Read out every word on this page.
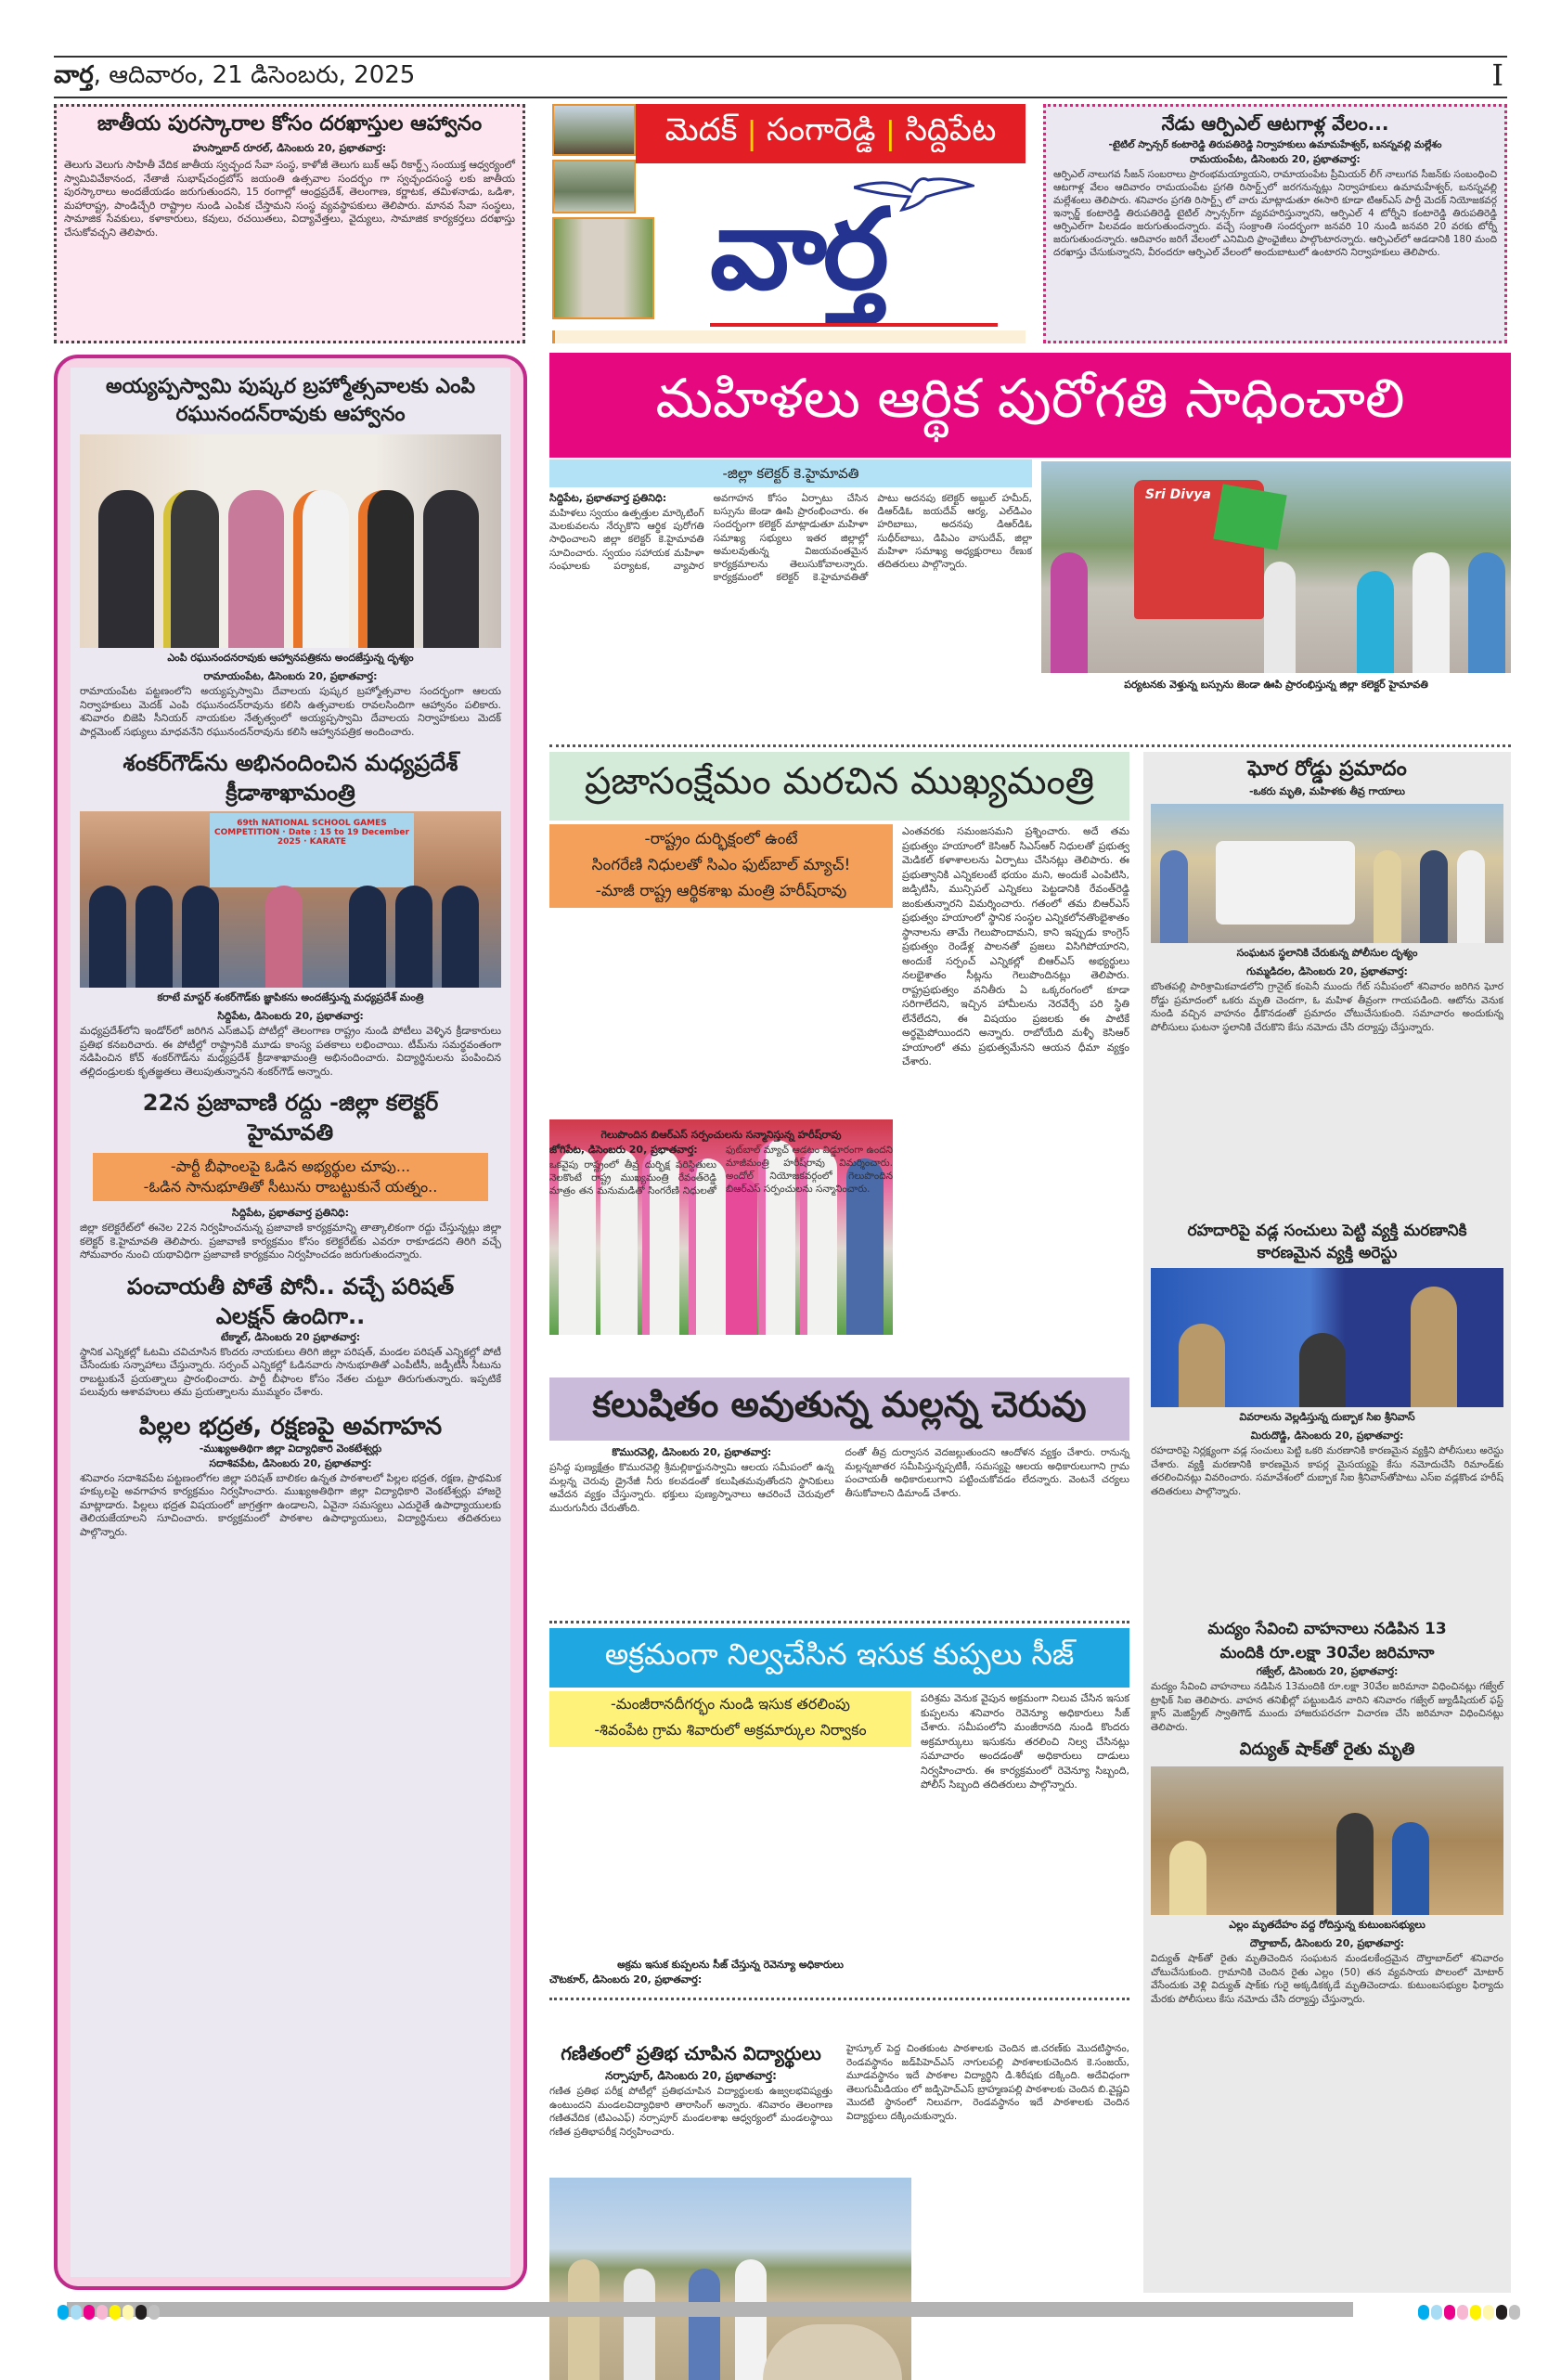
వార్త, ఆదివారం, 21 డిసెంబరు, 2025	I
జాతీయ పురస్కారాల కోసం దరఖాస్తుల ఆహ్వానం
హుస్నాబాద్ రూరల్, డిసెంబరు 20, ప్రభాతవార్త:
తెలుగు వెలుగు సాహితీ వేదిక జాతీయ స్వచ్ఛంద సేవా సంస్థ, కాళోజీ తెలుగు బుక్ ఆఫ్ రికార్డ్స్ సంయుక్త ఆధ్వర్యంలో స్వామివివేకానంద, నేతాజీ సుభాష్‌చంద్రబోస్ జయంతి ఉత్సవాల సందర్భం గా స్వచ్ఛందసంస్థ లకు జాతీయ పురస్కారాలు అందజేయడం జరుగుతుందని, 15 రంగాల్లో ఆంధ్రప్రదేశ్, తెలంగాణ, కర్ణాటక, తమిళనాడు, ఒడిశా, మహారాష్ట్ర, పాండిచ్చేరి రాష్ట్రాల నుండి ఎంపిక చేస్తామని సంస్థ వ్యవస్థాపకులు తెలిపారు. మానవ సేవా సంస్థలు, సామాజిక సేవకులు, కళాకారులు, కవులు, రచయితలు, విద్యావేత్తలు, వైద్యులు, సామాజిక కార్యకర్తలు దరఖాస్తు చేసుకోవచ్చని తెలిపారు.
మెదక్ | సంగారెడ్డి | సిద్దిపేట
వార్త
నేడు ఆర్పిఎల్ ఆటగాళ్ల వేలం...
-టైటిల్ స్పాన్సర్ కంటారెడ్డి తిరుపతిరెడ్డి నిర్వాహకులు ఉమామహేశ్వర్, బనస్నవల్లి మల్లేశం
రామయంపేట, డిసెంబరు 20, ప్రభాతవార్త:
ఆర్పిఎల్ నాలుగవ సీజన్ సంబరాలు ప్రారంభమయ్యాయని, రామాయంపేట ప్రీమియర్ లీగ్ నాలుగవ సీజన్‌కు సంబంధించి ఆటగాళ్ల వేలం ఆదివారం రామయంపేట ప్రగతి రిసార్ట్స్‌లో జరగనున్నట్లు నిర్వాహకులు ఉమామహేశ్వర్, బనస్నవల్లి మల్లేశంలు తెలిపారు. శనివారం ప్రగతి రిసార్ట్స్ లో వారు మాట్లాడుతూ ఈసారి కూడా టిఆర్ఎస్ పార్టీ మెదక్ నియోజకవర్గ ఇన్చార్జ్ కంటారెడ్డి తిరుపతిరెడ్డి టైటిల్ స్పాన్సర్‌గా వ్యవహరిస్తున్నారని, ఆర్పిఎల్ 4 టోర్నీని కంటారెడ్డి తిరుపతిరెడ్డి ఆర్పిఎల్‌గా పిలవడం జరుగుతుందన్నారు. వచ్చే సంక్రాంతి సందర్భంగా జనవరి 10 నుండి జనవరి 20 వరకు టోర్నీ జరుగుతుందన్నారు. ఆదివారం జరిగే వేలంలో ఎనిమిది ఫ్రాంఛైజీలు పాల్గొంటారన్నారు. ఆర్పిఎల్‌లో ఆడడానికి 180 మంది దరఖాస్తు చేసుకున్నారని, వీరందరూ ఆర్పిఎల్ వేలంలో అందుబాటులో ఉంటారని నిర్వాహకులు తెలిపారు.
అయ్యప్పస్వామి పుష్కర బ్రహ్మోత్సవాలకు ఎంపి రఘునందన్‌రావుకు ఆహ్వానం
ఎంపి రఘునందనరావుకు ఆహ్వానపత్రికను అందజేస్తున్న దృశ్యం
రామాయంపేట, డిసెంబరు 20, ప్రభాతవార్త:
రామాయంపేట పట్టణంలోని అయ్యప్పస్వామి దేవాలయ పుష్కర బ్రహ్మోత్సవాల సందర్భంగా ఆలయ నిర్వాహకులు మెదక్ ఎంపి రఘునందన్‌రావును కలిసి ఉత్సవాలకు రావలసిందిగా ఆహ్వానం పలికారు. శనివారం బిజెపి సీనియర్ నాయకుల నేతృత్వంలో అయ్యప్పస్వామి దేవాలయ నిర్వాహకులు మెదక్ పార్లమెంట్ సభ్యులు మాధవనేని రఘునందన్‌రావును కలిసి ఆహ్వానపత్రిక అందించారు.
శంకర్‌గౌడ్‌ను అభినందించిన మధ్యప్రదేశ్ క్రీడాశాఖామంత్రి
69th NATIONAL SCHOOL GAMES COMPETITION · Date : 15 to 19 December 2025 · KARATE
కరాటే మాస్టర్ శంకర్‌గౌడ్‌కు జ్ఞాపికను అందజేస్తున్న మధ్యప్రదేశ్ మంత్రి
సిద్దిపేట, డిసెంబరు 20, ప్రభాతవార్త:
మధ్యప్రదేశ్‌లోని ఇండోర్‌లో జరిగిన ఎస్‌జిఎఫ్ పోటీల్లో తెలంగాణ రాష్ట్రం నుండి పోటీలు వెళ్ళిన క్రీడాకారులు ప్రతిభ కనబరిచారు. ఈ పోటీల్లో రాష్ట్రానికి మూడు కాంస్య పతకాలు లభించాయి. టీమ్‌ను సమర్థవంతంగా నడిపించిన కోచ్ శంకర్‌గౌడ్‌ను మధ్యప్రదేశ్ క్రీడాశాఖామంత్రి అభినందించారు. విద్యార్థినులను పంపించిన తల్లిదండ్రులకు కృతజ్ఞతలు తెలుపుతున్నానని శంకర్‌గౌడ్ అన్నారు.
22న ప్రజావాణి రద్దు -జిల్లా కలెక్టర్ హైమావతి
-పార్టీ బీఫాంలపై ఓడిన అభ్యర్థుల చూపు...
-ఓడిన సానుభూతితో సీటును రాబట్టుకునే యత్నం..
సిద్దిపేట, ప్రభాతవార్త ప్రతినిధి:
జిల్లా కలెక్టరేట్‌లో ఈనెల 22న నిర్వహించనున్న ప్రజావాణి కార్యక్రమాన్ని తాత్కాలికంగా రద్దు చేస్తున్నట్లు జిల్లా కలెక్టర్ కె.హైమావతి తెలిపారు. ప్రజావాణి కార్యక్రమం కోసం కలెక్టరేట్‌కు ఎవరూ రాకూడదని తిరిగి వచ్చే సోమవారం నుంచి యథావిధిగా ప్రజావాణి కార్యక్రమం నిర్వహించడం జరుగుతుందన్నారు.
పంచాయతీ పోతే పోనీ.. వచ్చే పరిషత్ ఎలక్షన్ ఉందిగా..
టేక్మాల్, డిసెంబరు 20 ప్రభాతవార్త:
స్థానిక ఎన్నికల్లో ఓటమి చవిచూసిన కొందరు నాయకులు తిరిగి జిల్లా పరిషత్, మండల పరిషత్ ఎన్నికల్లో పోటీ చేసేందుకు సన్నాహాలు చేస్తున్నారు. సర్పంచ్ ఎన్నికల్లో ఓడినవారు సానుభూతితో ఎంపీటీసీ, జడ్పీటీసీ సీటును రాబట్టుకునే ప్రయత్నాలు ప్రారంభించారు. పార్టీ బీఫాంల కోసం నేతల చుట్టూ తిరుగుతున్నారు. ఇప్పటికే పలువురు ఆశావహులు తమ ప్రయత్నాలను ముమ్మరం చేశారు.
పిల్లల భద్రత, రక్షణపై అవగాహన
-ముఖ్యఅతిథిగా జిల్లా విద్యాధికారి వెంకటేశ్వర్లు
సదాశివపేట, డిసెంబరు 20, ప్రభాతవార్త:
శనివారం సదాశివపేట పట్టణంలోగల జిల్లా పరిషత్ బాలికల ఉన్నత పాఠశాలలో పిల్లల భద్రత, రక్షణ, ప్రాథమిక హక్కులపై అవగాహన కార్యక్రమం నిర్వహించారు. ముఖ్యఅతిథిగా జిల్లా విద్యాధికారి వెంకటేశ్వర్లు హాజరై మాట్లాడారు. పిల్లలు భద్రత విషయంలో జాగ్రత్తగా ఉండాలని, ఏవైనా సమస్యలు ఎదురైతే ఉపాధ్యాయులకు తెలియజేయాలని సూచించారు. కార్యక్రమంలో పాఠశాల ఉపాధ్యాయులు, విద్యార్థినులు తదితరులు పాల్గొన్నారు.
మహిళలు ఆర్థిక పురోగతి సాధించాలి
-జిల్లా కలెక్టర్ కె.హైమావతి
సిద్దిపేట, ప్రభాతవార్త ప్రతినిధి:
మహిళలు స్వయం ఉత్పత్తుల మార్కెటింగ్ మెలకువలను నేర్చుకొని ఆర్థిక పురోగతి సాధించాలని జిల్లా కలెక్టర్ కె.హైమావతి సూచించారు. స్వయం సహాయక మహిళా సంఘాలకు పర్యాటక, వ్యాపార అవగాహన కోసం ఏర్పాటు చేసిన బస్సును జెండా ఊపి ప్రారంభించారు. ఈ సందర్భంగా కలెక్టర్ మాట్లాడుతూ మహిళా సమాఖ్య సభ్యులు ఇతర జిల్లాల్లో అమలవుతున్న విజయవంతమైన కార్యక్రమాలను తెలుసుకోవాలన్నారు. కార్యక్రమంలో కలెక్టర్ కె.హైమావతితో పాటు అదనపు కలెక్టర్ అబ్దుల్ హమీద్, డిఆర్‌డిఓ జయదేవ్ ఆర్య, ఎల్‌డిఎం హరిబాబు, అదనపు డిఆర్‌డిఓ సుధీర్‌బాబు, డిపిఎం వాసుదేవ్, జిల్లా మహిళా సమాఖ్య అధ్యక్షురాలు రేణుక తదితరులు పాల్గొన్నారు.
Sri Divya
పర్యటనకు వెళ్తున్న బస్సును జెండా ఊపి ప్రారంభిస్తున్న జిల్లా కలెక్టర్ హైమావతి
ప్రజాసంక్షేమం మరచిన ముఖ్యమంత్రి
-రాష్ట్రం దుర్భిక్షంలో ఉంటే
సింగరేణి నిధులతో సిఎం ఫుట్‌బాల్ మ్యాచ్!
-మాజీ రాష్ట్ర ఆర్థికశాఖ మంత్రి హరీష్‌రావు
గెలుపొందిన బిఆర్ఎస్ సర్పంచులను సన్మానిస్తున్న హరీష్‌రావు
జోగిపేట, డిసెంబరు 20, ప్రభాతవార్త:
ఒకవైపు రాష్ట్రంలో తీవ్ర దుర్భిక్ష పరిస్థితులు నెలకొంటే రాష్ట్ర ముఖ్యమంత్రి రేవంత్‌రెడ్డి మాత్రం తన మనుమడితో సింగరేణి నిధులతో ఫుట్‌బాల్ మ్యాచ్ ఆడటం విడ్డూరంగా ఉందని మాజీమంత్రి హరీష్‌రావు విమర్శించారు. అందోల్ నియోజకవర్గంలో గెలుపొందిన బిఆర్ఎస్ సర్పంచులను సన్మానించారు.
ఎంతవరకు సమంజసమని ప్రశ్నించారు. అదే తమ ప్రభుత్వం హయాంలో కెసిఆర్ సిఎస్ఆర్ నిధులతో ప్రభుత్వ మెడికల్ కళాశాలలను ఏర్పాటు చేసినట్లు తెలిపారు. ఈ ప్రభుత్వానికి ఎన్నికలంటే భయం మని, అందుకే ఎంపిటిసి, జడ్పిటిసి, మున్సిపల్ ఎన్నికలు పెట్టడానికి రేవంత్‌రెడ్డి జంకుతున్నారని విమర్శించారు. గతంలో తమ బిఆర్ఎస్ ప్రభుత్వం హయాంలో స్థానిక సంస్థల ఎన్నికలోనతొంభైశాతం స్థానాలను తామే గెలుపొందామని, కాని ఇప్పుడు కాంగ్రెస్ ప్రభుత్వం రెండేళ్ల పాలనతో ప్రజలు విసిగిపోయారని, అందుకే సర్పంచ్ ఎన్నికల్లో బిఆర్ఎస్ అభ్యర్థులు నలభైశాతం సీట్లను గెలుపొందినట్లు తెలిపారు. రాష్ట్రప్రభుత్వం వనితీరు ఏ ఒక్కరంగంలో కూడా సరిగాలేదని, ఇచ్చిన హామీలను నెరవేర్చే పరి స్థితి లేనేలేదని, ఈ విషయం ప్రజలకు ఈ పాటికే అర్థమైపోయిందని అన్నారు. రాబోయేది మళ్ళీ కెసిఆర్ హయాంలో తమ ప్రభుత్వమేనని ఆయన ధీమా వ్యక్తం చేశారు.
ఘోర రోడ్డు ప్రమాదం
-ఒకరు మృతి, మహిళకు తీవ్ర గాయాలు
సంఘటన స్థలానికి చేరుకున్న పోలీసుల దృశ్యం
గుమ్మడిదల, డిసెంబరు 20, ప్రభాతవార్త:
బొంతపల్లి పారిశ్రామికవాడలోని గ్రానైట్ కంపెనీ ముందు గేట్ సమీపంలో శనివారం జరిగిన ఘోర రోడ్డు ప్రమాదంలో ఒకరు మృతి చెందగా, ఓ మహిళ తీవ్రంగా గాయపడింది. ఆటోను వెనుక నుండి వచ్చిన వాహనం ఢీకొనడంతో ప్రమాదం చోటుచేసుకుంది. సమాచారం అందుకున్న పోలీసులు ఘటనా స్థలానికి చేరుకొని కేసు నమోదు చేసి దర్యాప్తు చేస్తున్నారు.
రహదారిపై వడ్ల సంచులు పెట్టి వ్యక్తి మరణానికి కారణమైన వ్యక్తి అరెస్టు
వివరాలను వెల్లడిస్తున్న దుబ్బాక సిఐ శ్రీనివాస్
మిరుదొడ్డి, డిసెంబరు 20, ప్రభాతవార్త:
రహదారిపై నిర్లక్ష్యంగా వడ్ల సంచులు పెట్టి ఒకరి మరణానికి కారణమైన వ్యక్తిని పోలీసులు అరెస్టు చేశారు. వ్యక్తి మరణానికి కారణమైన కాపర్ల మైసయ్యపై కేసు నమోదుచేసి రిమాండ్‌కు తరలించినట్లు వివరించారు. సమావేశంలో దుబ్బాక సిఐ శ్రీనివాస్‌తోపాటు ఎస్ఐ వడ్లకొండ హరీష్ తదితరులు పాల్గొన్నారు.
మద్యం సేవించి వాహనాలు నడిపిన 13 మందికి రూ.లక్షా 30వేల జరిమానా
గజ్వేల్, డిసెంబరు 20, ప్రభాతవార్త:
మద్యం సేవించి వాహనాలు నడిపిన 13మందికి రూ.లక్షా 30వేల జరిమానా విధించినట్లు గజ్వేల్ ట్రాఫిక్ సిఐ తెలిపారు. వాహన తనిఖీల్లో పట్టుబడిన వారిని శనివారం గజ్వేల్ జ్యుడీషియల్ ఫస్ట్ క్లాస్ మెజిస్ట్రేట్ స్వాతిగౌడ్ ముందు హాజరుపరచగా విచారణ చేసి జరిమానా విధించినట్లు తెలిపారు.
విద్యుత్ షాక్‌తో రైతు మృతి
ఎల్లం మృతదేహం వద్ద రోదిస్తున్న కుటుంబసభ్యులు
దౌల్తాబాద్, డిసెంబరు 20, ప్రభాతవార్త:
విద్యుత్ షాక్‌తో రైతు మృతిచెందిన సంఘటన మండలకేంద్రమైన దౌల్తాబాద్‌లో శనివారం చోటుచేసుకుంది. గ్రామానికి చెందిన రైతు ఎల్లం (50) తన వ్యవసాయ పొలంలో మోటార్ వేసేందుకు వెళ్లి విద్యుత్ షాక్‌కు గురై అక్కడికక్కడే మృతిచెందాడు. కుటుంబసభ్యుల ఫిర్యాదు మేరకు పోలీసులు కేసు నమోదు చేసి దర్యాప్తు చేస్తున్నారు.
కలుషితం అవుతున్న మల్లన్న చెరువు
కొమురవెల్లి, డిసెంబరు 20, ప్రభాతవార్త:
ప్రసిద్ధ పుణ్యక్షేత్రం కొమురవెల్లి శ్రీమల్లికార్జునస్వామి ఆలయ సమీపంలో ఉన్న మల్లన్న చెరువు డ్రైనేజీ నీరు కలవడంతో కలుషితమవుతోందని స్థానికులు ఆవేదన వ్యక్తం చేస్తున్నారు. భక్తులు పుణ్యస్నానాలు ఆచరించే చెరువులో మురుగునీరు చేరుతోంది.
దంతో తీవ్ర దుర్వాసన వెదజల్లుతుందని ఆందోళన వ్యక్తం చేశారు. రానున్న మల్లన్నజాతర సమీపిస్తున్నప్పటికీ, సమస్యపై ఆలయ అధికారులుగాని గ్రామ పంచాయతీ అధికారులుగాని పట్టించుకోవడం లేదన్నారు. వెంటనే చర్యలు తీసుకోవాలని డిమాండ్ చేశారు.
అక్రమంగా నిల్వచేసిన ఇసుక కుప్పలు సీజ్
-మంజీరానదీగర్భం నుండి ఇసుక తరలింపు
-శివంపేట గ్రామ శివారులో అక్రమార్కుల నిర్వాకం
అక్రమ ఇసుక కుప్పలను సీజ్ చేస్తున్న రెవెన్యూ అధికారులు
చౌటకూర్, డిసెంబరు 20, ప్రభాతవార్త:
పరిశ్రమ వెనుక వైపున అక్రమంగా నిలువ చేసిన ఇసుక కుప్పలను శనివారం రెవెన్యూ అధికారులు సీజ్ చేశారు. సమీపంలోని మంజీరానది నుండి కొందరు అక్రమార్కులు ఇసుకను తరలించి నిల్వ చేసినట్లు సమాచారం అందడంతో అధికారులు దాడులు నిర్వహించారు. ఈ కార్యక్రమంలో రెవెన్యూ సిబ్బంది, పోలీస్ సిబ్బంది తదితరులు పాల్గొన్నారు.
గణితంలో ప్రతిభ చూపిన విద్యార్థులు
నర్సాపూర్, డిసెంబరు 20, ప్రభాతవార్త:
గణిత ప్రతిభ పరీక్ష పోటీల్లో ప్రతిభచూపిన విద్యార్థులకు ఉజ్వలభవిష్యత్తు ఉంటుందని మండలవిద్యాధికారి తారాసింగ్ అన్నారు. శనివారం తెలంగాణ గణితవేదిక (టిఎంఎఫ్) నర్సాపూర్ మండలశాఖ ఆధ్వర్యంలో మండలస్థాయి గణిత ప్రతిభాపరీక్ష నిర్వహించారు.
హైస్కూల్ పెద్ద చింతకుంట పాఠశాలకు చెందిన జి.చరణ్‌కు మొదటిస్థానం, రెండవస్థానం జడ్‌పిహెచ్‌ఎస్ నాగులపల్లి పాఠశాలకుచెందిన కె.సంజయ్, మూడవస్థానం ఇదే పాఠశాల విద్యార్థిని డి.శిరీషకు దక్కింది. అదేవిధంగా తెలుగుమీడియం లో జడ్పిహెచ్ఎస్ బ్రాహ్మణపల్లి పాఠశాలకు చెందిన బి.వైష్ణవి మొదటి స్థానంలో నిలువగా, రెండవస్థానం ఇదే పాఠశాలకు చెందిన విద్యార్థులు దక్కించుకున్నారు.
